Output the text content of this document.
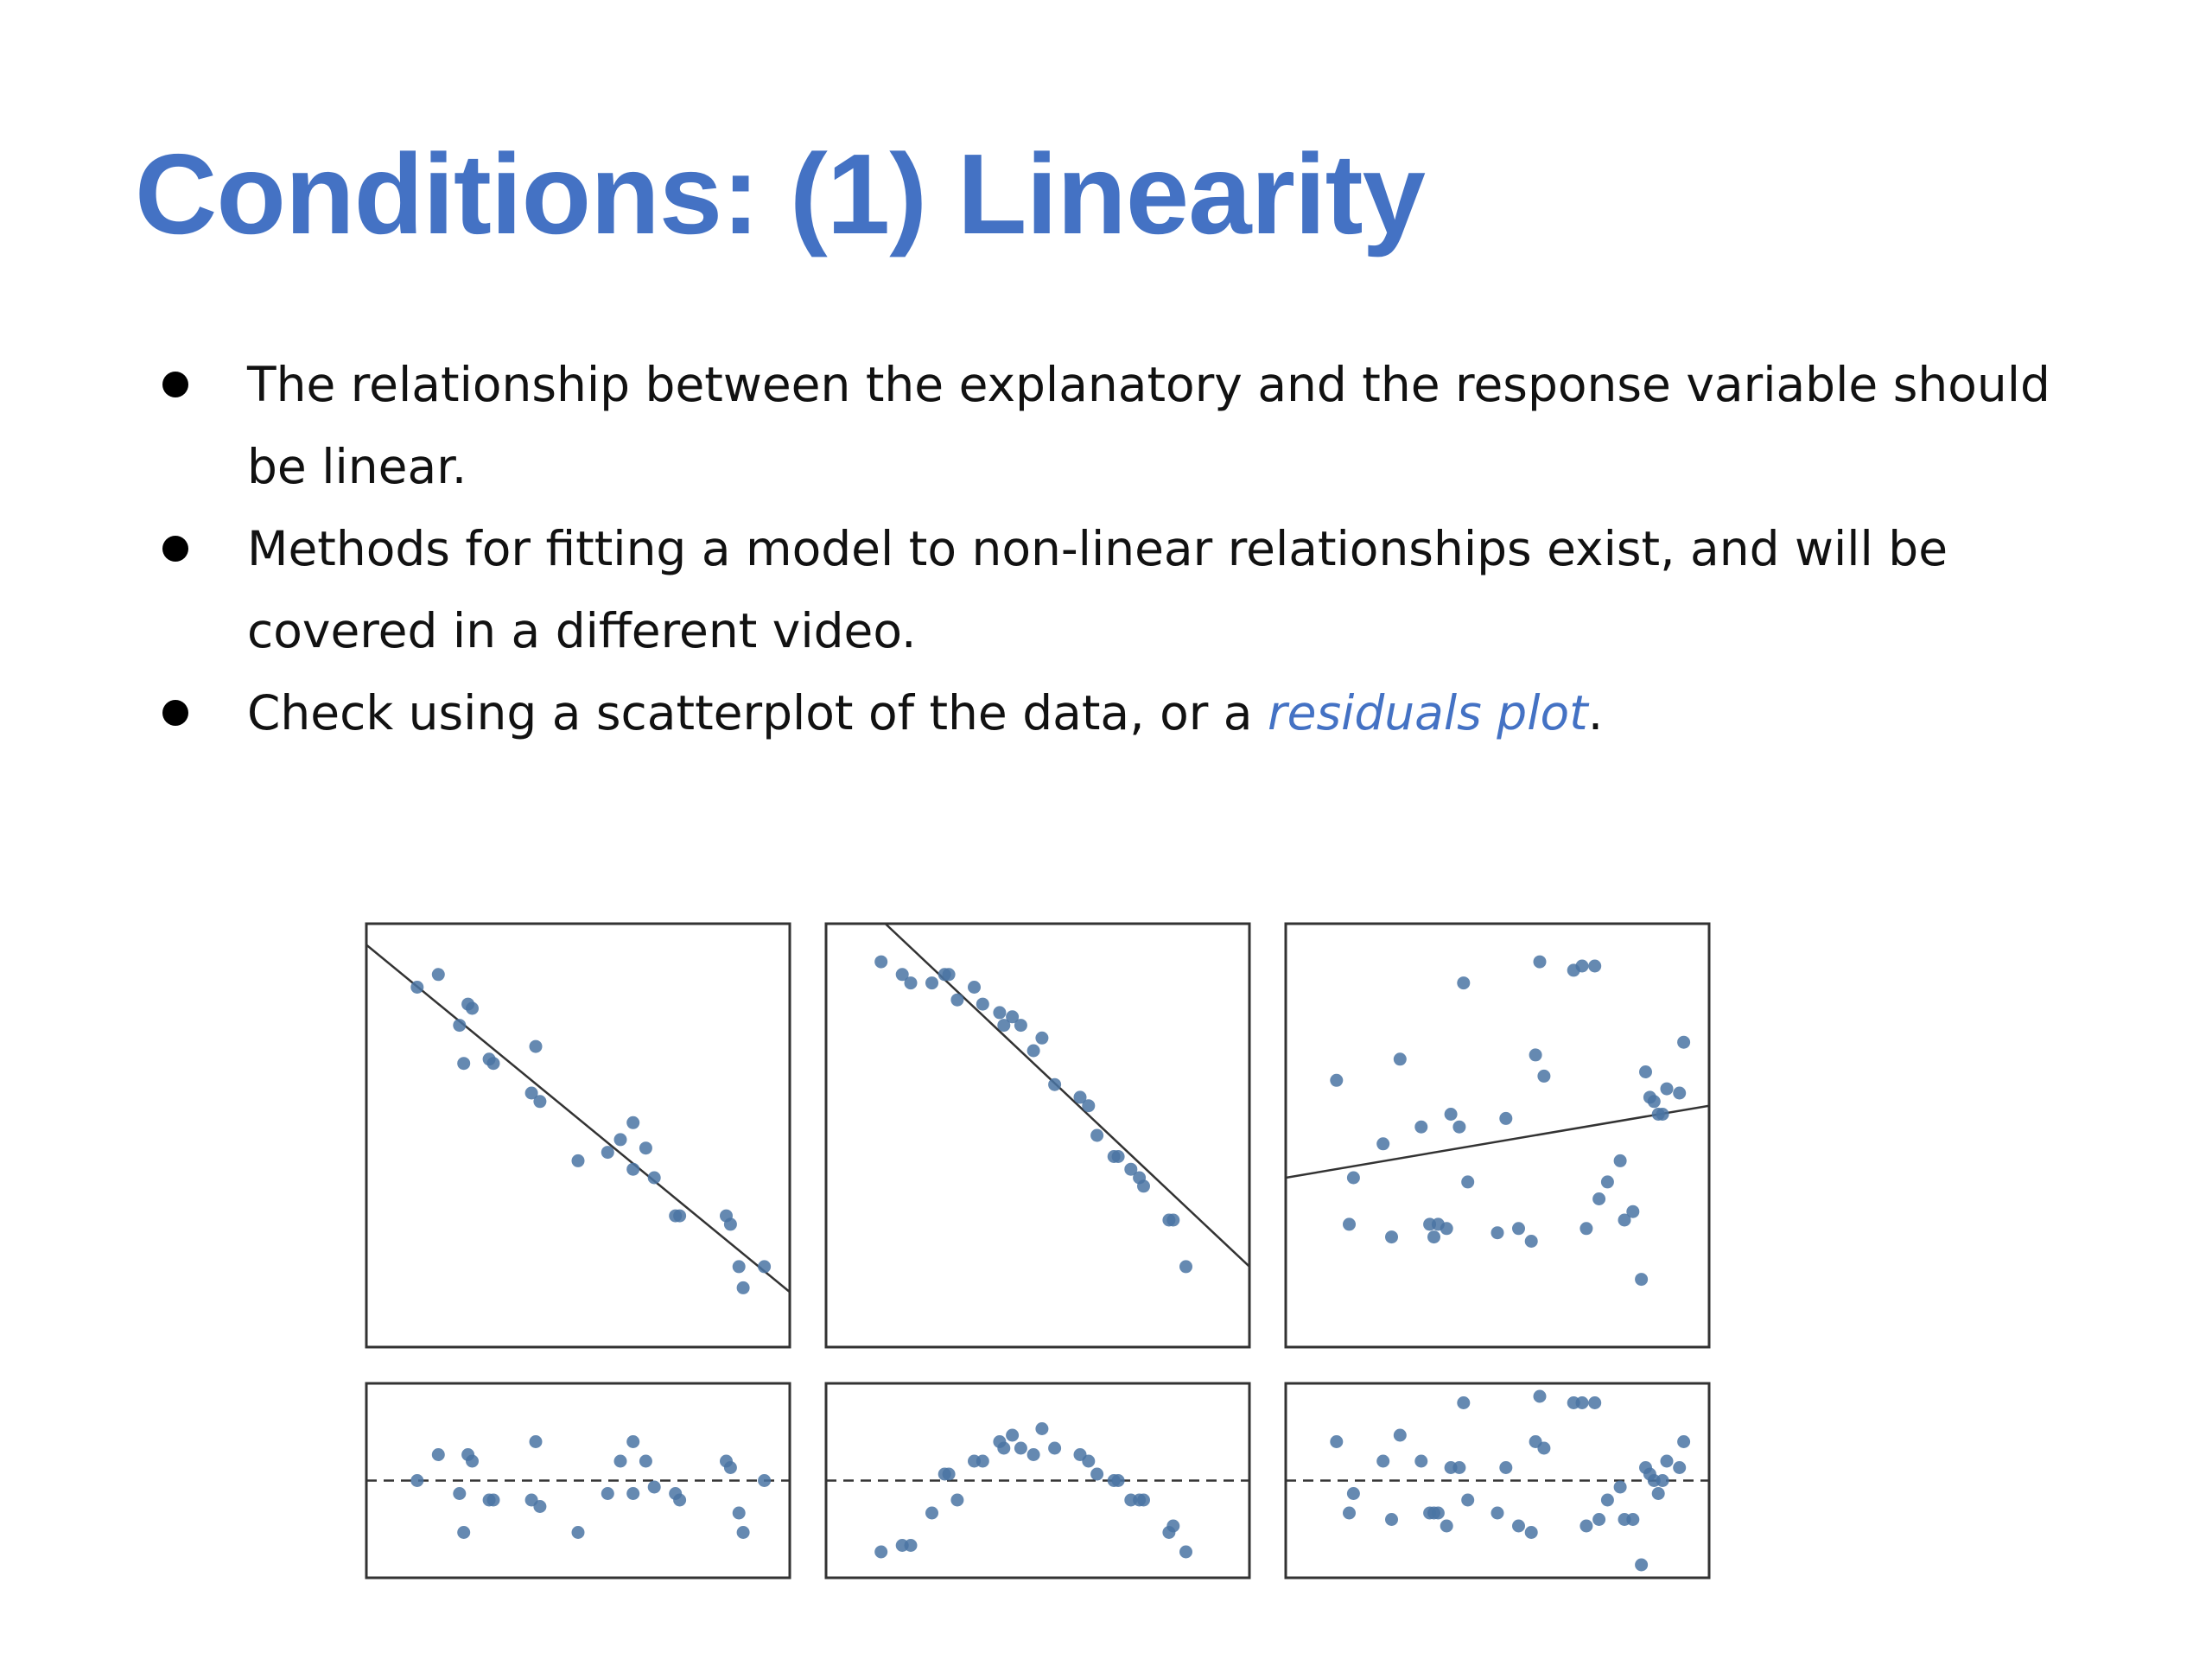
Conditions: (1) Linearity
The relationship between the explanatory and the response variable should be linear.
Methods for fitting a model to non-linear relationships exist, and will be covered in a different video.
Check using a scatterplot of the data, or a residuals plot.
